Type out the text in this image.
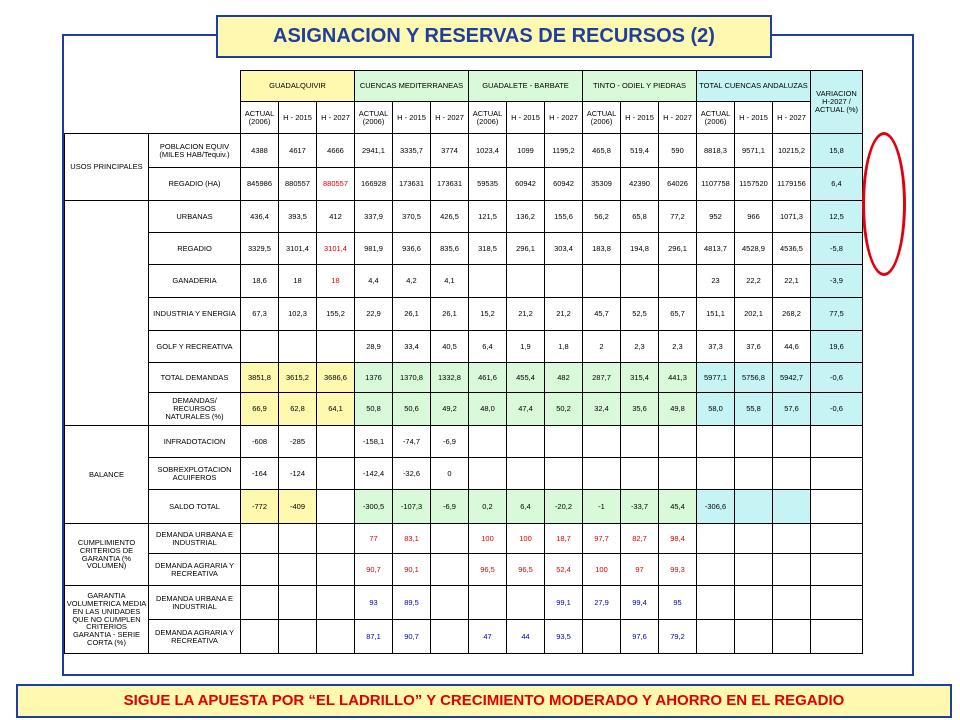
ASIGNACION Y RESERVAS DE RECURSOS (2)
		GUADALQUIVIR			CUENCAS MEDITERRANEAS			GUADALETE - BARBATE			TINTO - ODIEL Y PIEDRAS			TOTAL CUENCAS ANDALUZAS			VARIACION H-2027 / ACTUAL (%)
		ACTUAL (2006)	H - 2015	H - 2027	ACTUAL (2006)	H - 2015	H - 2027	ACTUAL (2006)	H - 2015	H - 2027	ACTUAL (2006)	H - 2015	H - 2027	ACTUAL (2006)	H - 2015	H - 2027	
USOS PRINCIPALES	POBLACION EQUIV (MILES HAB/Tequiv.)	4388	4617	4666	2941,1	3335,7	3774	1023,4	1099	1195,2	465,8	519,4	590	8818,3	9571,1	10215,2	15,8
	REGADIO (HA)	845986	880557	880557	166928	173631	173631	59535	60942	60942	35309	42390	64026	1107758	1157520	1179156	6,4
	URBANAS	436,4	393,5	412	337,9	370,5	426,5	121,5	136,2	155,6	56,2	65,8	77,2	952	966	1071,3	12,5
	REGADIO	3329,5	3101,4	3101,4	981,9	936,6	835,6	318,5	296,1	303,4	183,8	194,8	296,1	4813,7	4528,9	4536,5	-5,8
	GANADERIA	18,6	18	18	4,4	4,2	4,1							23	22,2	22,1	-3,9
	INDUSTRIA Y ENERGIA	67,3	102,3	155,2	22,9	26,1	26,1	15,2	21,2	21,2	45,7	52,5	65,7	151,1	202,1	268,2	77,5
	GOLF Y RECREATIVA				28,9	33,4	40,5	6,4	1,9	1,8	2	2,3	2,3	37,3	37,6	44,6	19,6
	TOTAL DEMANDAS	3851,8	3615,2	3686,6	1376	1370,8	1332,8	461,6	455,4	482	287,7	315,4	441,3	5977,1	5756,8	5942,7	-0,6
	DEMANDAS/ RECURSOS NATURALES (%)	66,9	62,8	64,1	50,8	50,6	49,2	48,0	47,4	50,2	32,4	35,6	49,8	58,0	55,8	57,6	-0,6
BALANCE	INFRADOTACION	-608	-285		-158,1	-74,7	-6,9										
	SOBREXPLOTACION ACUIFEROS	-164	-124		-142,4	-32,6	0										
	SALDO TOTAL	-772	-409		-300,5	-107,3	-6,9	0,2	6,4	-20,2	-1	-33,7	45,4	-306,6			
CUMPLIMIENTO CRITERIOS DE GARANTIA (% VOLUMEN)	DEMANDA URBANA E INDUSTRIAL				77	83,1		100	100	18,7	97,7	82,7	98,4				
	DEMANDA AGRARIA Y RECREATIVA				90,7	90,1		96,5	96,5	52,4	100	97	99,3				
GARANTIA VOLUMETRICA MEDIA EN LAS UNIDADES QUE NO CUMPLEN CRITERIOS GARANTIA - SERIE CORTA (%)	DEMANDA URBANA E INDUSTRIAL				93	89,5				99,1	27,9	99,4	95				
	DEMANDA AGRARIA Y RECREATIVA				87,1	90,7		47	44	93,5		97,6	79,2				
SIGUE LA APUESTA POR “EL LADRILLO” Y CRECIMIENTO MODERADO Y AHORRO EN EL REGADIO
